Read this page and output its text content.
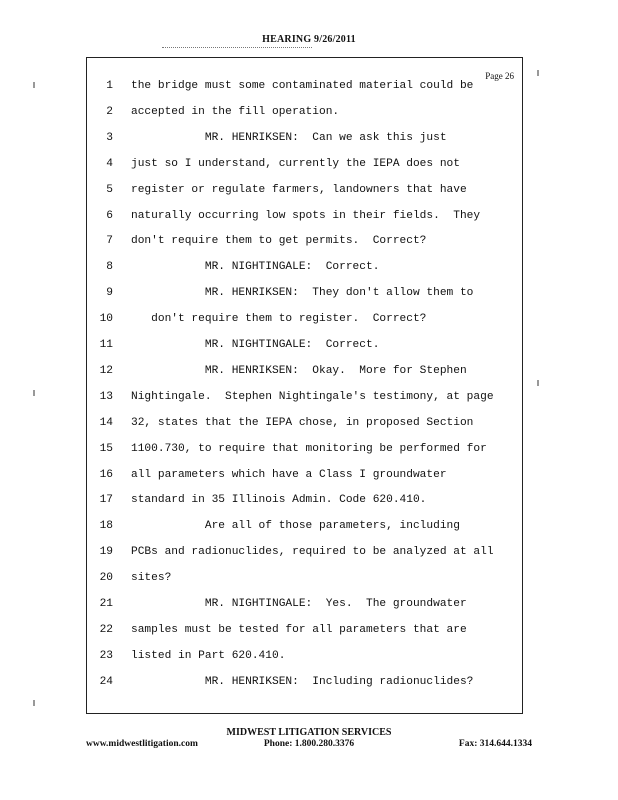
HEARING 9/26/2011
Page 26
1 the bridge must some contaminated material could be
2 accepted in the fill operation.
3 MR. HENRIKSEN:  Can we ask this just
4 just so I understand, currently the IEPA does not
5 register or regulate farmers, landowners that have
6 naturally occurring low spots in their fields.  They
7 don't require them to get permits.  Correct?
8 MR. NIGHTINGALE:  Correct.
9 MR. HENRIKSEN:  They don't allow them to
10 don't require them to register.  Correct?
11 MR. NIGHTINGALE:  Correct.
12 MR. HENRIKSEN:  Okay.  More for Stephen
13 Nightingale.  Stephen Nightingale's testimony, at page
14 32, states that the IEPA chose, in proposed Section
15 1100.730, to require that monitoring be performed for
16 all parameters which have a Class I groundwater
17 standard in 35 Illinois Admin. Code 620.410.
18 Are all of those parameters, including
19 PCBs and radionuclides, required to be analyzed at all
20 sites?
21 MR. NIGHTINGALE:  Yes.  The groundwater
22 samples must be tested for all parameters that are
23 listed in Part 620.410.
24 MR. HENRIKSEN:  Including radionuclides?
MIDWEST LITIGATION SERVICES
www.midwestlitigation.com	Phone: 1.800.280.3376	Fax: 314.644.1334
